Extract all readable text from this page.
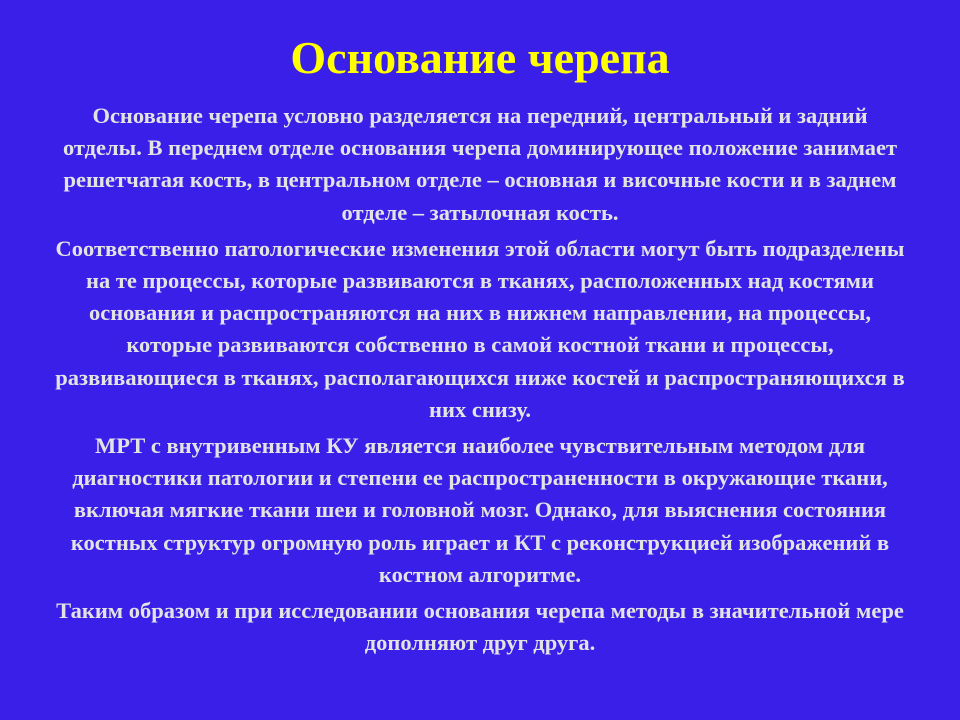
Основание черепа

Основание черепа условно разделяется на передний, центральный и задний отделы. В переднем отделе основания черепа доминирующее положение занимает решетчатая кость, в центральном отделе – основная и височные кости и в заднем отделе – затылочная кость.

Соответственно патологические изменения этой области могут быть подразделены на те процессы, которые развиваются в тканях, расположенных над костями основания и распространяются на них в нижнем направлении, на процессы, которые развиваются собственно в самой костной ткани и процессы, развивающиеся в тканях, располагающихся ниже костей и распространяющихся в них снизу.

МРТ с внутривенным КУ является наиболее чувствительным методом для диагностики патологии и степени ее распространенности в окружающие ткани, включая мягкие ткани шеи и головной мозг. Однако, для выяснения состояния костных структур огромную роль играет и КТ с реконструкцией изображений в костном алгоритме.

Таким образом и при исследовании основания черепа методы в значительной мере дополняют друг друга.
